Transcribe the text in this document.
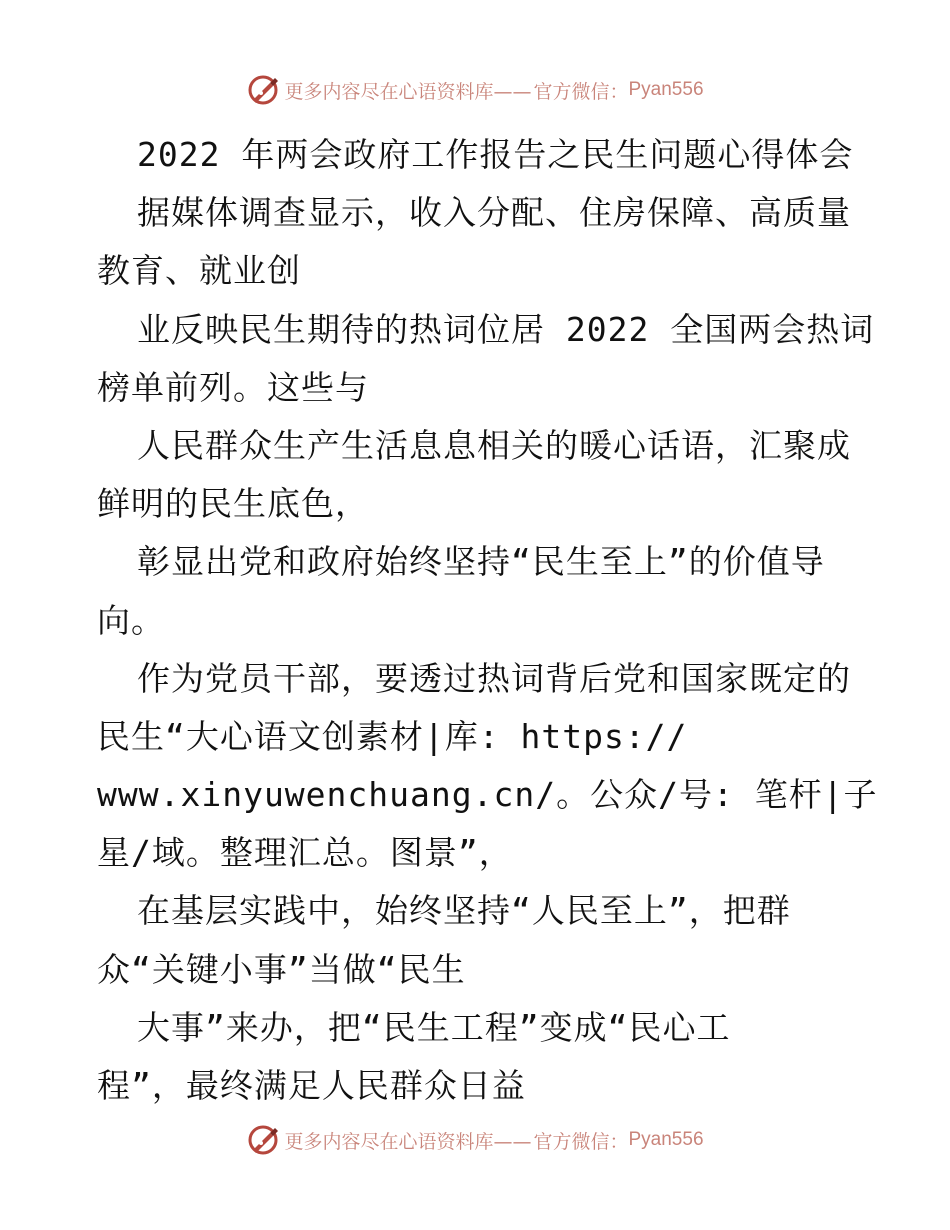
更多内容尽在心语资料库—— 官方微信： Pyan556
2022 年两会政府工作报告之民生问题心得体会
据媒体调查显示，收入分配、住房保障、高质量
教育、就业创
业反映民生期待的热词位居 2022 全国两会热词
榜单前列。这些与
人民群众生产生活息息相关的暖心话语，汇聚成
鲜明的民生底色，
彰显出党和政府始终坚持“民生至上”的价值导
向。
作为党员干部，要透过热词背后党和国家既定的
民生“大心语文创素材|库: https://
www.xinyuwenchuang.cn/。公众/号: 笔杆|子
星/域。整理汇总。图景”，
在基层实践中，始终坚持“人民至上”，把群
众“关键小事”当做“民生
大事”来办，把“民生工程”变成“民心工
程”，最终满足人民群众日益
更多内容尽在心语资料库—— 官方微信： Pyan556
